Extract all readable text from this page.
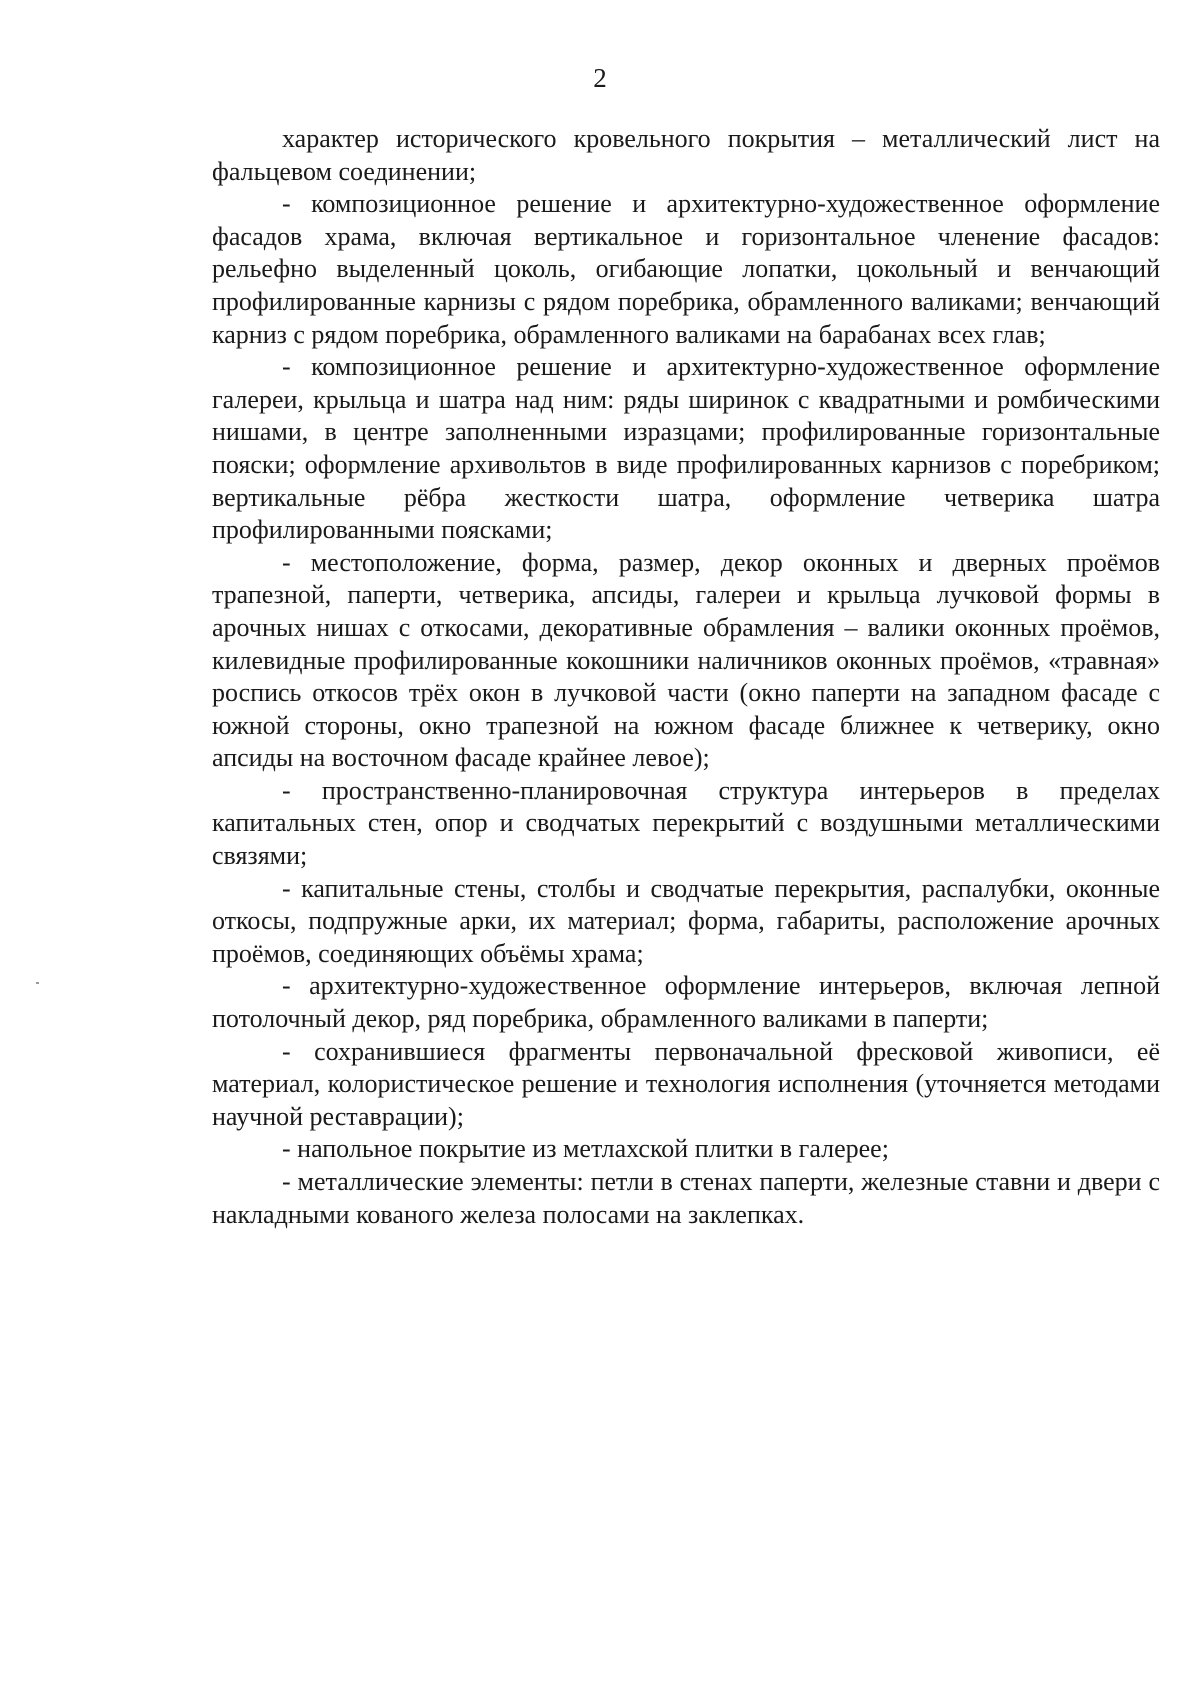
2

характер исторического кровельного покрытия – металлический лист на фальцевом соединении;

- композиционное решение и архитектурно-художественное оформление фасадов храма, включая вертикальное и горизонтальное членение фасадов: рельефно выделенный цоколь, огибающие лопатки, цокольный и венчающий профилированные карнизы с рядом поребрика, обрамленного валиками; венчающий карниз с рядом поребрика, обрамленного валиками на барабанах всех глав;

- композиционное решение и архитектурно-художественное оформление галереи, крыльца и шатра над ним: ряды ширинок с квадратными и ромбическими нишами, в центре заполненными изразцами; профилированные горизонтальные пояски; оформление архивольтов в виде профилированных карнизов с поребриком; вертикальные рёбра жесткости шатра, оформление четверика шатра профилированными поясками;

- местоположение, форма, размер, декор оконных и дверных проёмов трапезной, паперти, четверика, апсиды, галереи и крыльца лучковой формы в арочных нишах с откосами, декоративные обрамления – валики оконных проёмов, килевидные профилированные кокошники наличников оконных проёмов, «травная» роспись откосов трёх окон в лучковой части (окно паперти на западном фасаде с южной стороны, окно трапезной на южном фасаде ближнее к четверику, окно апсиды на восточном фасаде крайнее левое);

- пространственно-планировочная структура интерьеров в пределах капитальных стен, опор и сводчатых перекрытий с воздушными металлическими связями;

- капитальные стены, столбы и сводчатые перекрытия, распалубки, оконные откосы, подпружные арки, их материал; форма, габариты, расположение арочных проёмов, соединяющих объёмы храма;

- архитектурно-художественное оформление интерьеров, включая лепной потолочный декор, ряд поребрика, обрамленного валиками в паперти;

- сохранившиеся фрагменты первоначальной фресковой живописи, её материал, колористическое решение и технология исполнения (уточняется методами научной реставрации);

- напольное покрытие из метлахской плитки в галерее;

- металлические элементы: петли в стенах паперти, железные ставни и двери с накладными кованого железа полосами на заклепках.
